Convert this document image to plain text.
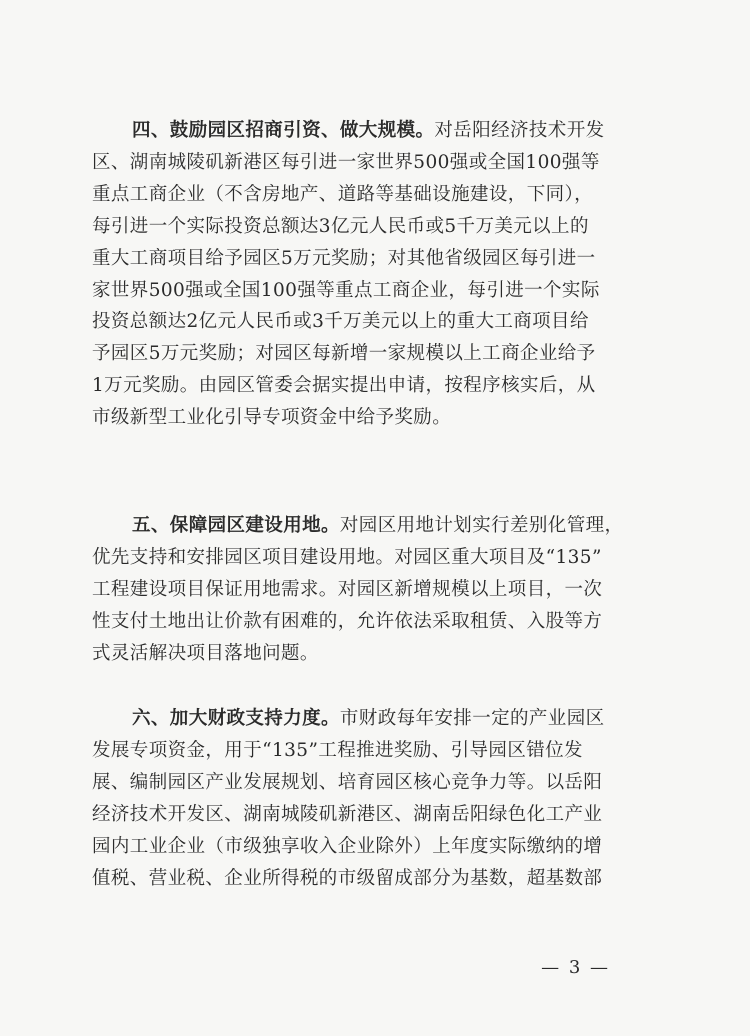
四、鼓励园区招商引资、做大规模。对岳阳经济技术开发
区、湖南城陵矶新港区每引进一家世界500强或全国100强等
重点工商企业（不含房地产、道路等基础设施建设，下同），
每引进一个实际投资总额达3亿元人民币或5千万美元以上的
重大工商项目给予园区5万元奖励；对其他省级园区每引进一
家世界500强或全国100强等重点工商企业，每引进一个实际
投资总额达2亿元人民币或3千万美元以上的重大工商项目给
予园区5万元奖励；对园区每新增一家规模以上工商企业给予
1万元奖励。由园区管委会据实提出申请，按程序核实后，从
市级新型工业化引导专项资金中给予奖励。
五、保障园区建设用地。对园区用地计划实行差别化管理，
优先支持和安排园区项目建设用地。对园区重大项目及“135”
工程建设项目保证用地需求。对园区新增规模以上项目，一次
性支付土地出让价款有困难的，允许依法采取租赁、入股等方
式灵活解决项目落地问题。
六、加大财政支持力度。市财政每年安排一定的产业园区
发展专项资金，用于“135”工程推进奖励、引导园区错位发
展、编制园区产业发展规划、培育园区核心竞争力等。以岳阳
经济技术开发区、湖南城陵矶新港区、湖南岳阳绿色化工产业
园内工业企业（市级独享收入企业除外）上年度实际缴纳的增
值税、营业税、企业所得税的市级留成部分为基数，超基数部
— 3 —
